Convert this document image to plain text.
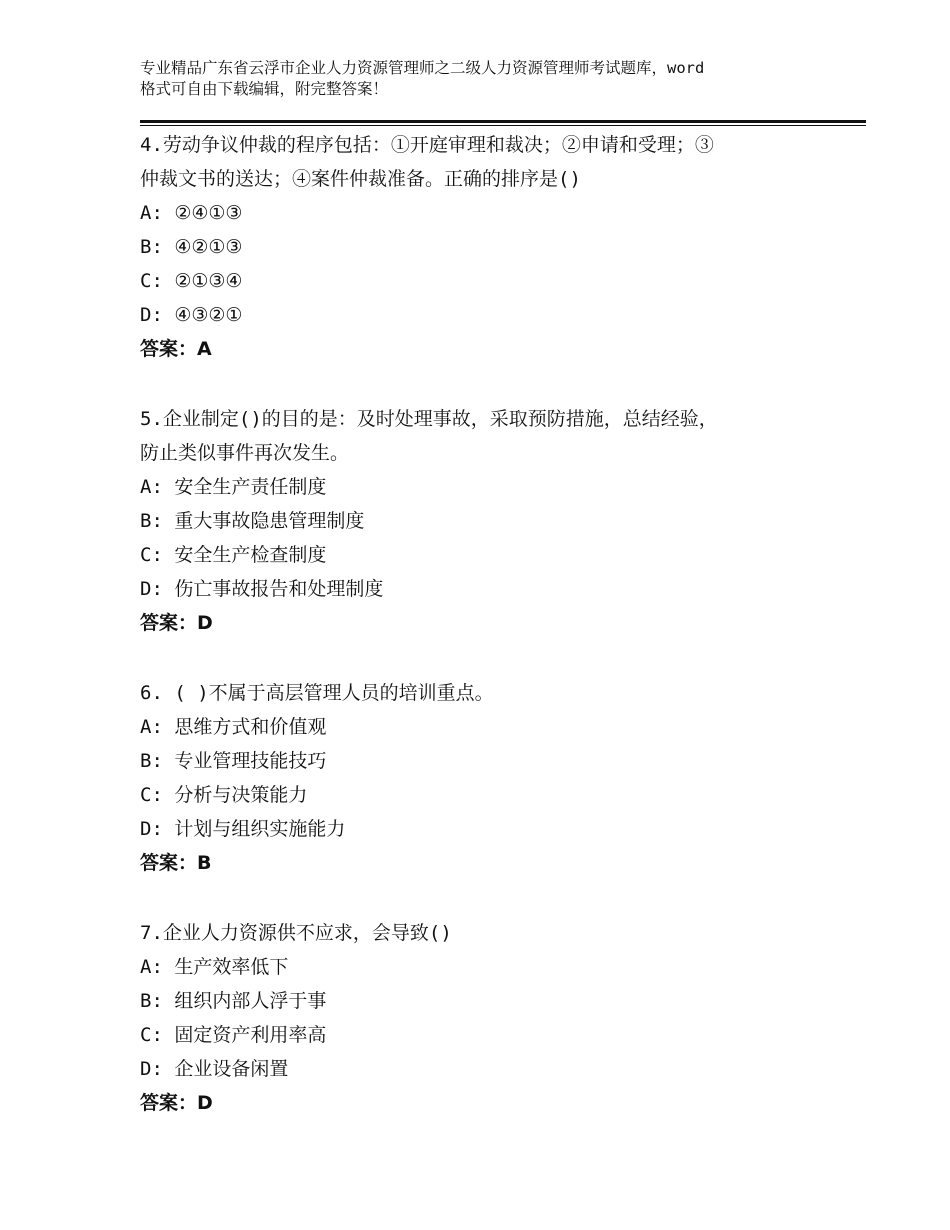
专业精品广东省云浮市企业人力资源管理师之二级人力资源管理师考试题库，word
格式可自由下载编辑，附完整答案！
4.劳动争议仲裁的程序包括：①开庭审理和裁决；②申请和受理；③
仲裁文书的送达；④案件仲裁准备。正确的排序是()
A: ②④①③
B: ④②①③
C: ②①③④
D: ④③②①
答案：A
5.企业制定()的目的是：及时处理事故，采取预防措施，总结经验，
防止类似事件再次发生。
A: 安全生产责任制度
B: 重大事故隐患管理制度
C: 安全生产检查制度
D: 伤亡事故报告和处理制度
答案：D
6. ( )不属于高层管理人员的培训重点。
A: 思维方式和价值观
B: 专业管理技能技巧
C: 分析与决策能力
D: 计划与组织实施能力
答案：B
7.企业人力资源供不应求，会导致()
A: 生产效率低下
B: 组织内部人浮于事
C: 固定资产利用率高
D: 企业设备闲置
答案：D
